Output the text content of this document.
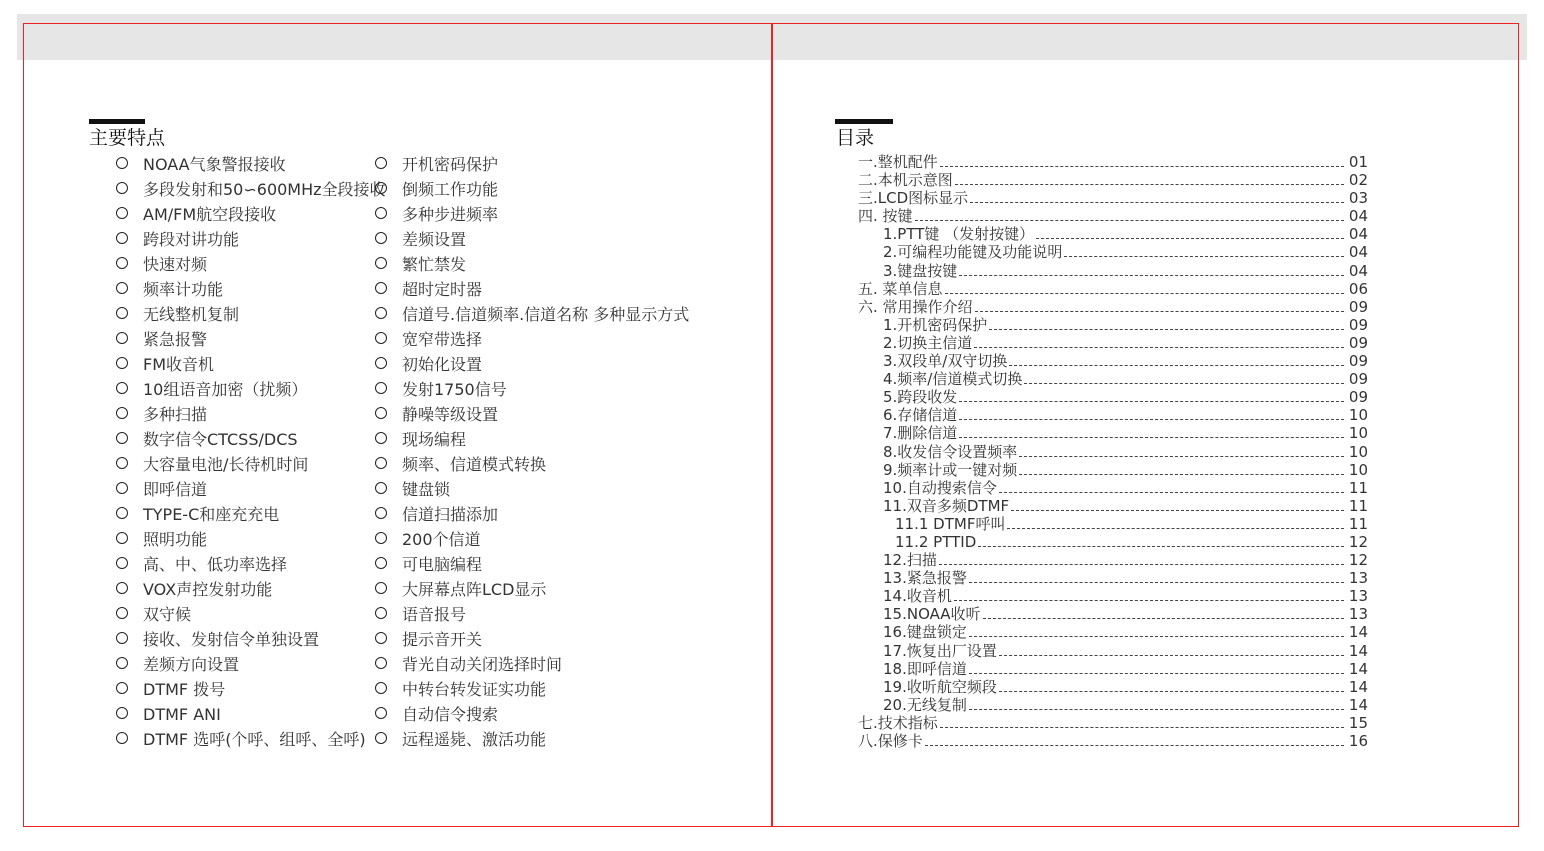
主要特点
NOAA气象警报接收
多段发射和50∽600MHz全段接收
AM/FM航空段接收
跨段对讲功能
快速对频
频率计功能
无线整机复制
紧急报警
FM收音机
10组语音加密（扰频）
多种扫描
数字信令CTCSS/DCS
大容量电池/长待机时间
即呼信道
TYPE-C和座充充电
照明功能
高、中、低功率选择
VOX声控发射功能
双守候
接收、发射信令单独设置
差频方向设置
DTMF 拨号
DTMF ANI
DTMF 选呼(个呼、组呼、全呼)
开机密码保护
倒频工作功能
多种步进频率
差频设置
繁忙禁发
超时定时器
信道号.信道频率.信道名称 多种显示方式
宽窄带选择
初始化设置
发射1750信号
静噪等级设置
现场编程
频率、信道模式转换
键盘锁
信道扫描添加
200个信道
可电脑编程
大屏幕点阵LCD显示
语音报号
提示音开关
背光自动关闭选择时间
中转台转发证实功能
自动信令搜索
远程遥毙、激活功能
目录
一.整机配件	01
二.本机示意图	02
三.LCD图标显示	03
四. 按键	04
1.PTT键 （发射按键）	04
2.可编程功能键及功能说明	04
3.键盘按键	04
五. 菜单信息	06
六. 常用操作介绍	09
1.开机密码保护	09
2.切换主信道	09
3.双段单/双守切换	09
4.频率/信道模式切换	09
5.跨段收发	09
6.存储信道	10
7.删除信道	10
8.收发信令设置频率	10
9.频率计或一键对频	10
10.自动搜索信令	11
11.双音多频DTMF	11
11.1 DTMF呼叫	11
11.2 PTTID	12
12.扫描	12
13.紧急报警	13
14.收音机	13
15.NOAA收听	13
16.键盘锁定	14
17.恢复出厂设置	14
18.即呼信道	14
19.收听航空频段	14
20.无线复制	14
七.技术指标	15
八.保修卡	16
